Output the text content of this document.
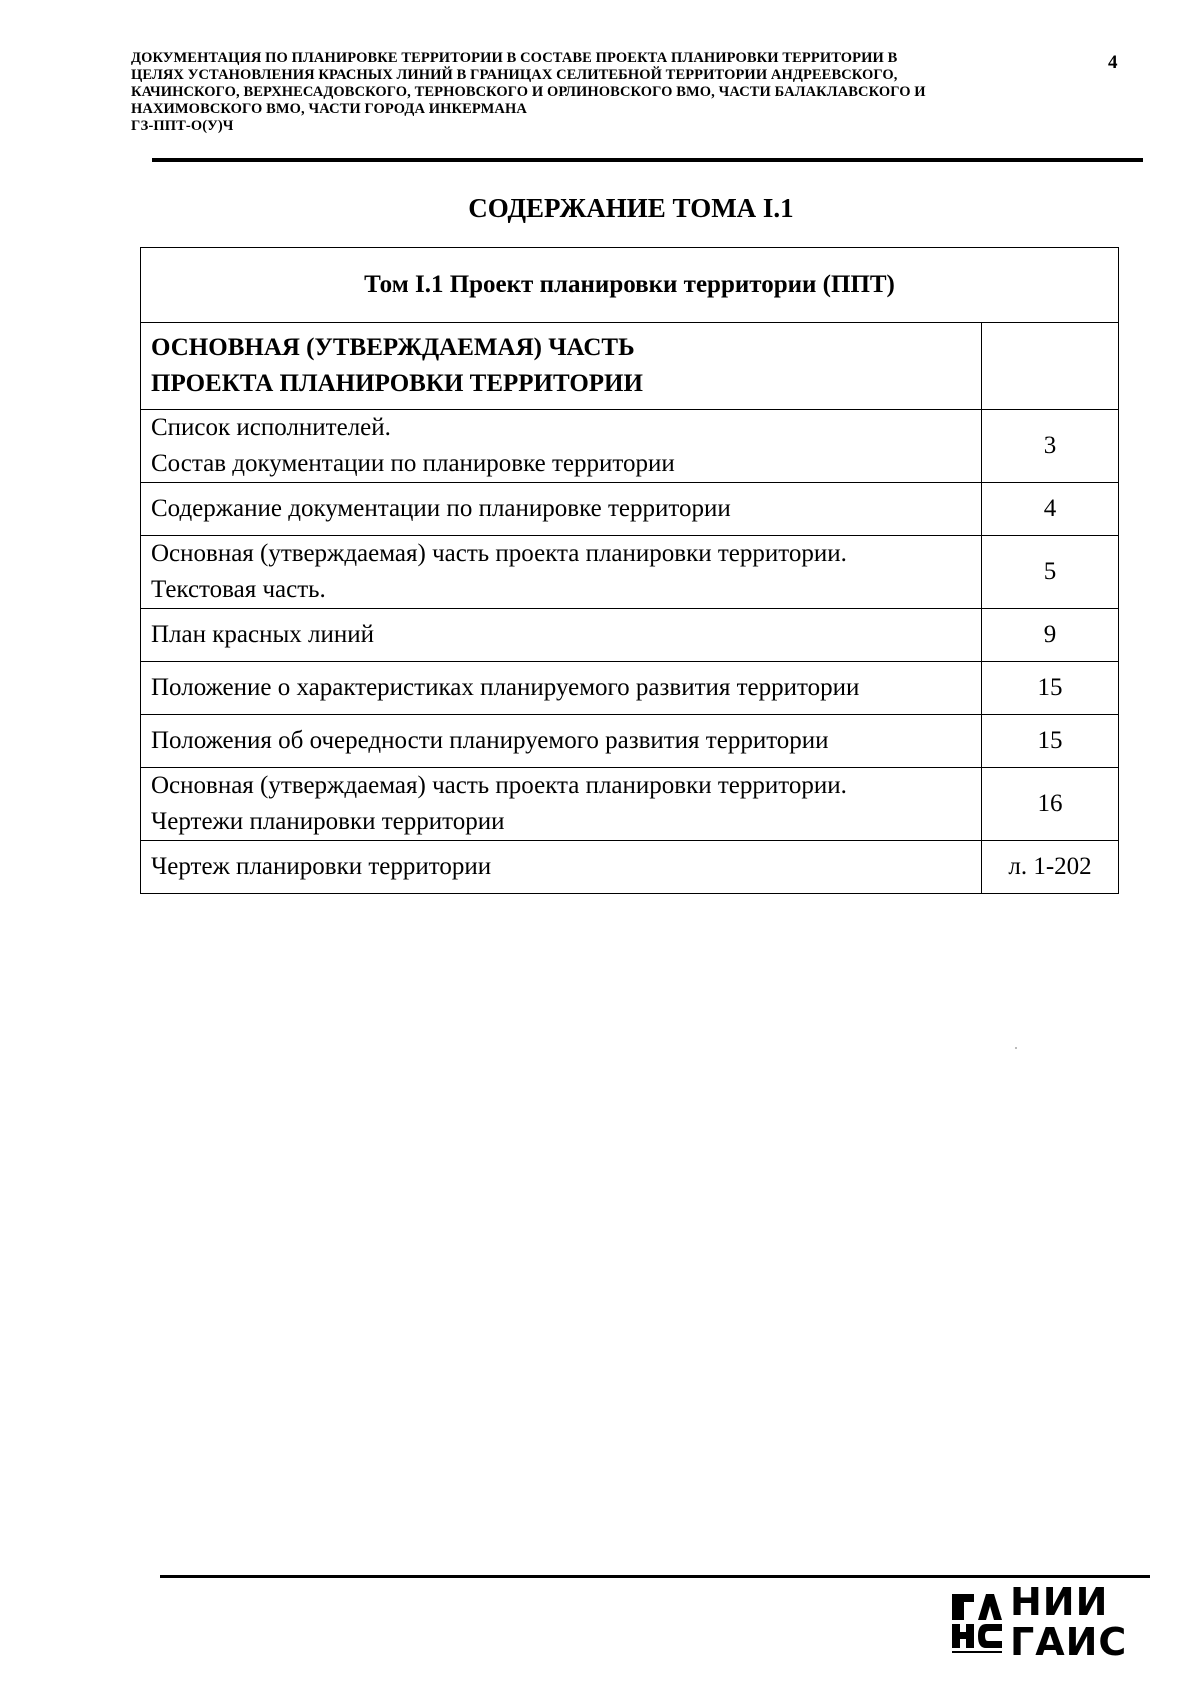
ДОКУМЕНТАЦИЯ ПО ПЛАНИРОВКЕ ТЕРРИТОРИИ В СОСТАВЕ ПРОЕКТА ПЛАНИРОВКИ ТЕРРИТОРИИ В
ЦЕЛЯХ УСТАНОВЛЕНИЯ КРАСНЫХ ЛИНИЙ В ГРАНИЦАХ СЕЛИТЕБНОЙ ТЕРРИТОРИИ АНДРЕЕВСКОГО,
КАЧИНСКОГО, ВЕРХНЕСАДОВСКОГО, ТЕРНОВСКОГО И ОРЛИНОВСКОГО ВМО, ЧАСТИ БАЛАКЛАВСКОГО И
НАХИМОВСКОГО ВМО, ЧАСТИ ГОРОДА ИНКЕРМАНА
ГЗ-ППТ-О(У)Ч
4
СОДЕРЖАНИЕ ТОМА I.1
Том I.1 Проект планировки территории (ППТ)	

ОСНОВНАЯ (УТВЕРЖДАЕМАЯ) ЧАСТЬ
ПРОЕКТА ПЛАНИРОВКИ ТЕРРИТОРИИ	

Список исполнителей.
Состав документации по планировке территории	3

Содержание документации по планировке территории	4

Основная (утверждаемая) часть проекта планировки территории.
Текстовая часть.	5

План красных линий	9

Положение о характеристиках планируемого развития территории	15

Положения об очередности планируемого развития территории	15

Основная (утверждаемая) часть проекта планировки территории.
Чертежи планировки территории	16

Чертеж планировки территории	л. 1-202
НИИ
ГАИС
